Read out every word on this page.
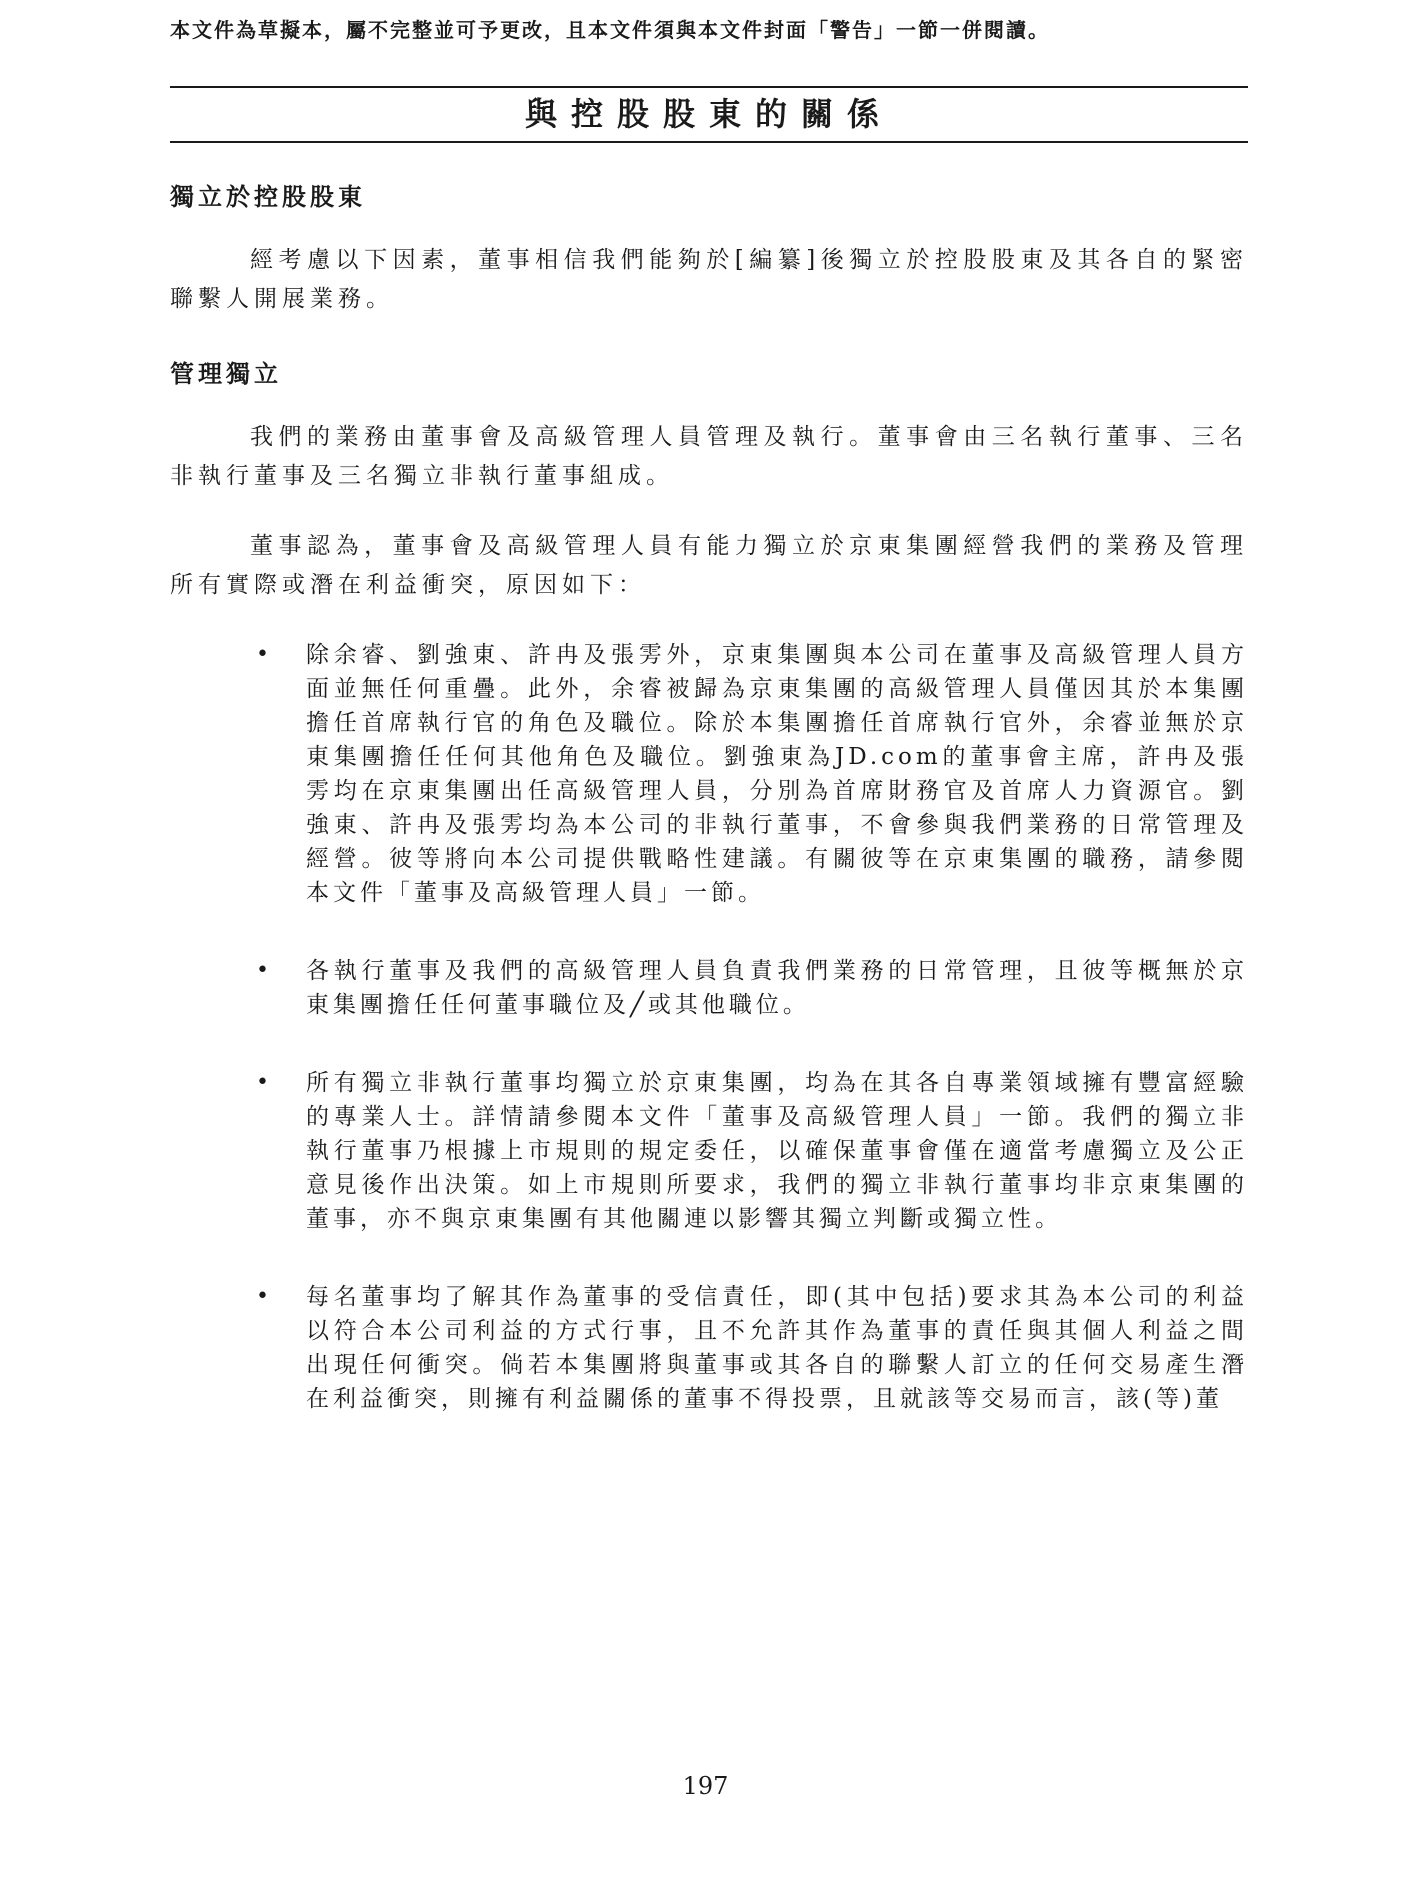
本文件為草擬本，屬不完整並可予更改，且本文件須與本文件封面「警告」一節一併閱讀。
與控股股東的關係
獨立於控股股東

經考慮以下因素，董事相信我們能夠於[編纂]後獨立於控股股東及其各自的緊密聯繫人開展業務。

管理獨立

我們的業務由董事會及高級管理人員管理及執行。董事會由三名執行董事、三名非執行董事及三名獨立非執行董事組成。

董事認為，董事會及高級管理人員有能力獨立於京東集團經營我們的業務及管理所有實際或潛在利益衝突，原因如下：

• 除余睿、劉強東、許冉及張雱外，京東集團與本公司在董事及高級管理人員方面並無任何重疊。此外，余睿被歸為京東集團的高級管理人員僅因其於本集團擔任首席執行官的角色及職位。除於本集團擔任首席執行官外，余睿並無於京東集團擔任任何其他角色及職位。劉強東為JD.com的董事會主席，許冉及張雱均在京東集團出任高級管理人員，分別為首席財務官及首席人力資源官。劉強東、許冉及張雱均為本公司的非執行董事，不會參與我們業務的日常管理及經營。彼等將向本公司提供戰略性建議。有關彼等在京東集團的職務，請參閱本文件「董事及高級管理人員」一節。
• 各執行董事及我們的高級管理人員負責我們業務的日常管理，且彼等概無於京東集團擔任任何董事職位及╱或其他職位。
• 所有獨立非執行董事均獨立於京東集團，均為在其各自專業領域擁有豐富經驗的專業人士。詳情請參閱本文件「董事及高級管理人員」一節。我們的獨立非執行董事乃根據上市規則的規定委任，以確保董事會僅在適當考慮獨立及公正意見後作出決策。如上市規則所要求，我們的獨立非執行董事均非京東集團的董事，亦不與京東集團有其他關連以影響其獨立判斷或獨立性。
• 每名董事均了解其作為董事的受信責任，即(其中包括)要求其為本公司的利益以符合本公司利益的方式行事，且不允許其作為董事的責任與其個人利益之間出現任何衝突。倘若本集團將與董事或其各自的聯繫人訂立的任何交易產生潛在利益衝突，則擁有利益關係的董事不得投票，且就該等交易而言，該(等)董
197
